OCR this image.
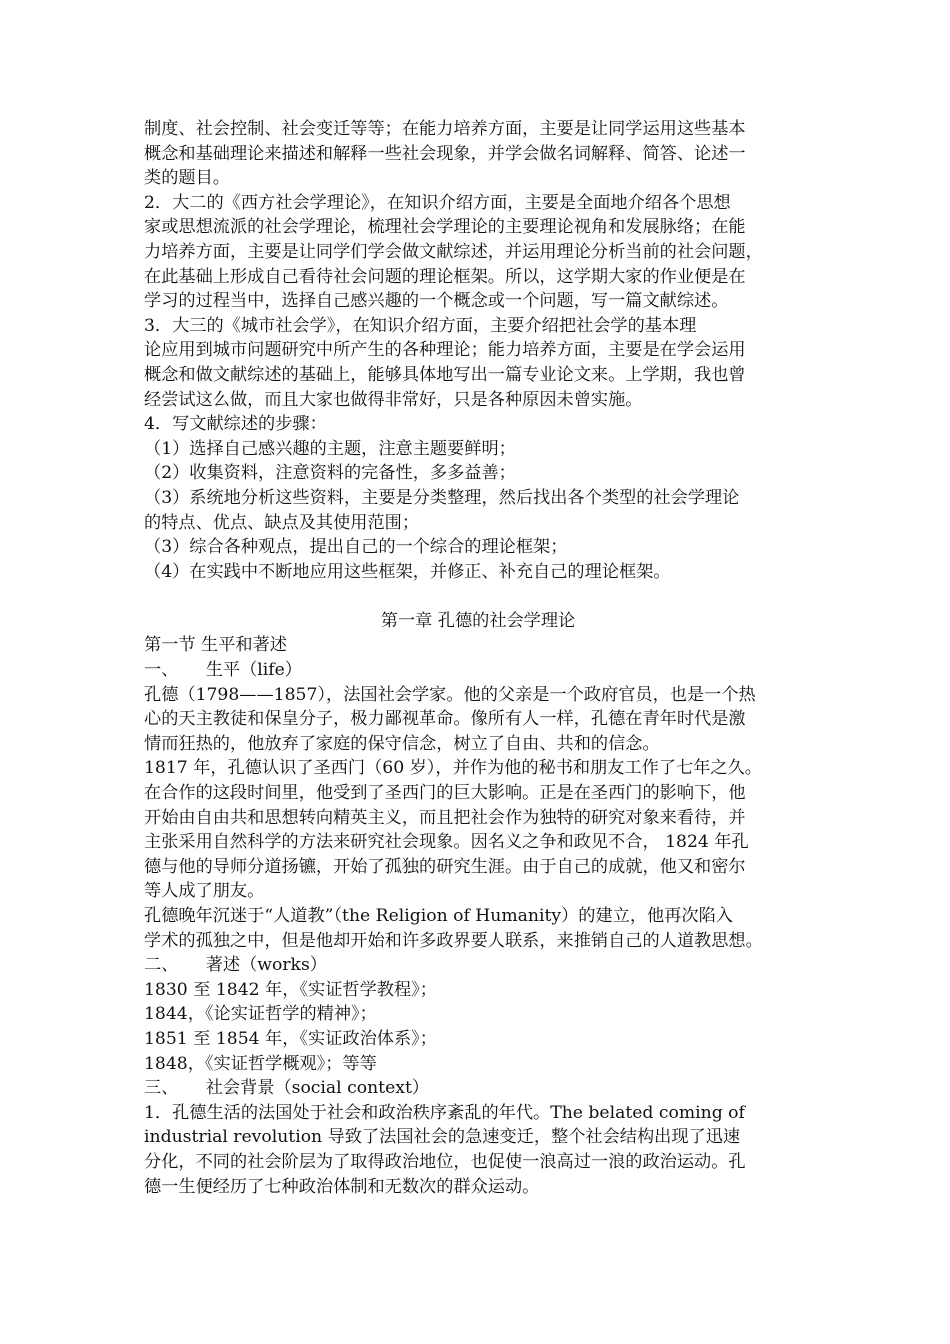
制度、社会控制、社会变迁等等；在能力培养方面，主要是让同学运用这些基本
概念和基础理论来描述和解释一些社会现象，并学会做名词解释、简答、论述一
类的题目。
2．大二的《西方社会学理论》，在知识介绍方面，主要是全面地介绍各个思想
家或思想流派的社会学理论，梳理社会学理论的主要理论视角和发展脉络；在能
力培养方面，主要是让同学们学会做文献综述，并运用理论分析当前的社会问题，
在此基础上形成自己看待社会问题的理论框架。所以，这学期大家的作业便是在
学习的过程当中，选择自己感兴趣的一个概念或一个问题，写一篇文献综述。
3．大三的《城市社会学》，在知识介绍方面，主要介绍把社会学的基本理
论应用到城市问题研究中所产生的各种理论；能力培养方面，主要是在学会运用
概念和做文献综述的基础上，能够具体地写出一篇专业论文来。上学期，我也曾
经尝试这么做，而且大家也做得非常好，只是各种原因未曾实施。
4．写文献综述的步骤：
（1）选择自己感兴趣的主题，注意主题要鲜明；
（2）收集资料，注意资料的完备性，多多益善；
（3）系统地分析这些资料，主要是分类整理，然后找出各个类型的社会学理论
的特点、优点、缺点及其使用范围；
（3）综合各种观点，提出自己的一个综合的理论框架；
（4）在实践中不断地应用这些框架，并修正、补充自己的理论框架。
第一章 孔德的社会学理论
第一节 生平和著述
一、     生平（life）
孔德（1798——1857），法国社会学家。他的父亲是一个政府官员，也是一个热
心的天主教徒和保皇分子，极力鄙视革命。像所有人一样，孔德在青年时代是激
情而狂热的，他放弃了家庭的保守信念，树立了自由、共和的信念。
1817 年，孔德认识了圣西门（60 岁），并作为他的秘书和朋友工作了七年之久。
在合作的这段时间里，他受到了圣西门的巨大影响。正是在圣西门的影响下，他
开始由自由共和思想转向精英主义，而且把社会作为独特的研究对象来看待，并
主张采用自然科学的方法来研究社会现象。因名义之争和政见不合， 1824 年孔
德与他的导师分道扬镳，开始了孤独的研究生涯。由于自己的成就，他又和密尔
等人成了朋友。
孔德晚年沉迷于“人道教”（the Religion of Humanity）的建立，他再次陷入
学术的孤独之中，但是他却开始和许多政界要人联系，来推销自己的人道教思想。
二、     著述（works）
1830 至 1842 年，《实证哲学教程》；
1844，《论实证哲学的精神》；
1851 至 1854 年，《实证政治体系》；
1848，《实证哲学概观》；等等
三、     社会背景（social context）
1．孔德生活的法国处于社会和政治秩序紊乱的年代。The belated coming of
industrial revolution 导致了法国社会的急速变迁，整个社会结构出现了迅速
分化，不同的社会阶层为了取得政治地位，也促使一浪高过一浪的政治运动。孔
德一生便经历了七种政治体制和无数次的群众运动。
